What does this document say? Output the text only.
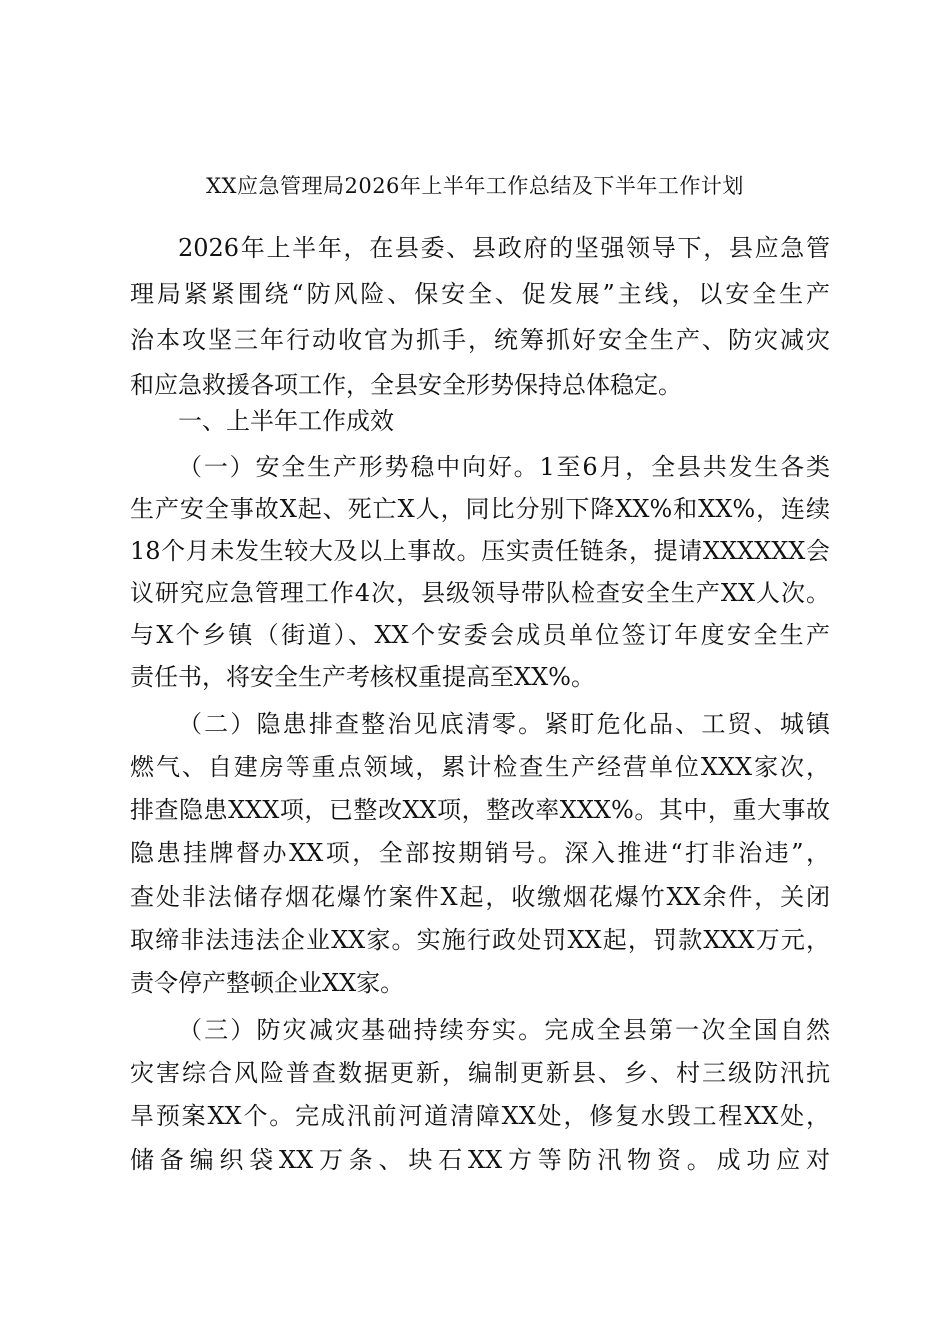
XX应急管理局2026年上半年工作总结及下半年工作计划
2026年上半年，在县委、县政府的坚强领导下，县应急管
理局紧紧围绕“防风险、保安全、促发展”主线，以安全生产
治本攻坚三年行动收官为抓手，统筹抓好安全生产、防灾减灾
和应急救援各项工作，全县安全形势保持总体稳定。
一、上半年工作成效
（一）安全生产形势稳中向好。1至6月，全县共发生各类
生产安全事故X起、死亡X人，同比分别下降XX%和XX%，连续
18个月未发生较大及以上事故。压实责任链条，提请XXXXXX会
议研究应急管理工作4次，县级领导带队检查安全生产XX人次。
与X个乡镇（街道）、XX个安委会成员单位签订年度安全生产
责任书，将安全生产考核权重提高至XX%。
（二）隐患排查整治见底清零。紧盯危化品、工贸、城镇
燃气、自建房等重点领域，累计检查生产经营单位XXX家次，
排查隐患XXX项，已整改XX项，整改率XXX%。其中，重大事故
隐患挂牌督办XX项，全部按期销号。深入推进“打非治违”，
查处非法储存烟花爆竹案件X起，收缴烟花爆竹XX余件，关闭
取缔非法违法企业XX家。实施行政处罚XX起，罚款XXX万元，
责令停产整顿企业XX家。
（三）防灾减灾基础持续夯实。完成全县第一次全国自然
灾害综合风险普查数据更新，编制更新县、乡、村三级防汛抗
旱预案XX个。完成汛前河道清障XX处，修复水毁工程XX处，
储备编织袋XX万条、块石XX方等防汛物资。成功应对
